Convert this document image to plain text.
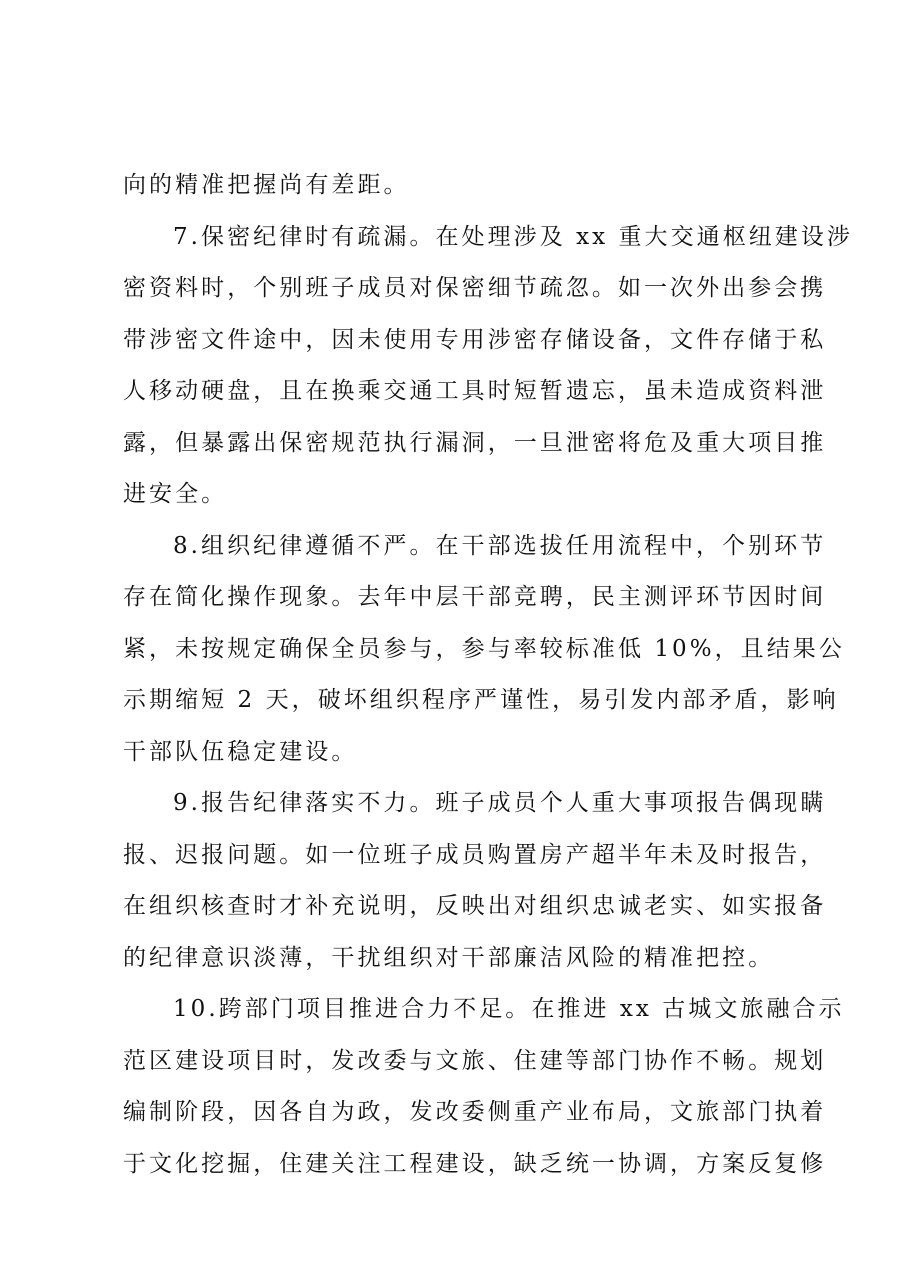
向的精准把握尚有差距。
7.保密纪律时有疏漏。在处理涉及 xx 重大交通枢纽建设涉
密资料时，个别班子成员对保密细节疏忽。如一次外出参会携
带涉密文件途中，因未使用专用涉密存储设备，文件存储于私
人移动硬盘，且在换乘交通工具时短暂遗忘，虽未造成资料泄
露，但暴露出保密规范执行漏洞，一旦泄密将危及重大项目推
进安全。
8.组织纪律遵循不严。在干部选拔任用流程中，个别环节
存在简化操作现象。去年中层干部竞聘，民主测评环节因时间
紧，未按规定确保全员参与，参与率较标准低 10%，且结果公
示期缩短 2 天，破坏组织程序严谨性，易引发内部矛盾，影响
干部队伍稳定建设。
9.报告纪律落实不力。班子成员个人重大事项报告偶现瞒
报、迟报问题。如一位班子成员购置房产超半年未及时报告，
在组织核查时才补充说明，反映出对组织忠诚老实、如实报备
的纪律意识淡薄，干扰组织对干部廉洁风险的精准把控。
10.跨部门项目推进合力不足。在推进 xx 古城文旅融合示
范区建设项目时，发改委与文旅、住建等部门协作不畅。规划
编制阶段，因各自为政，发改委侧重产业布局，文旅部门执着
于文化挖掘，住建关注工程建设，缺乏统一协调，方案反复修
